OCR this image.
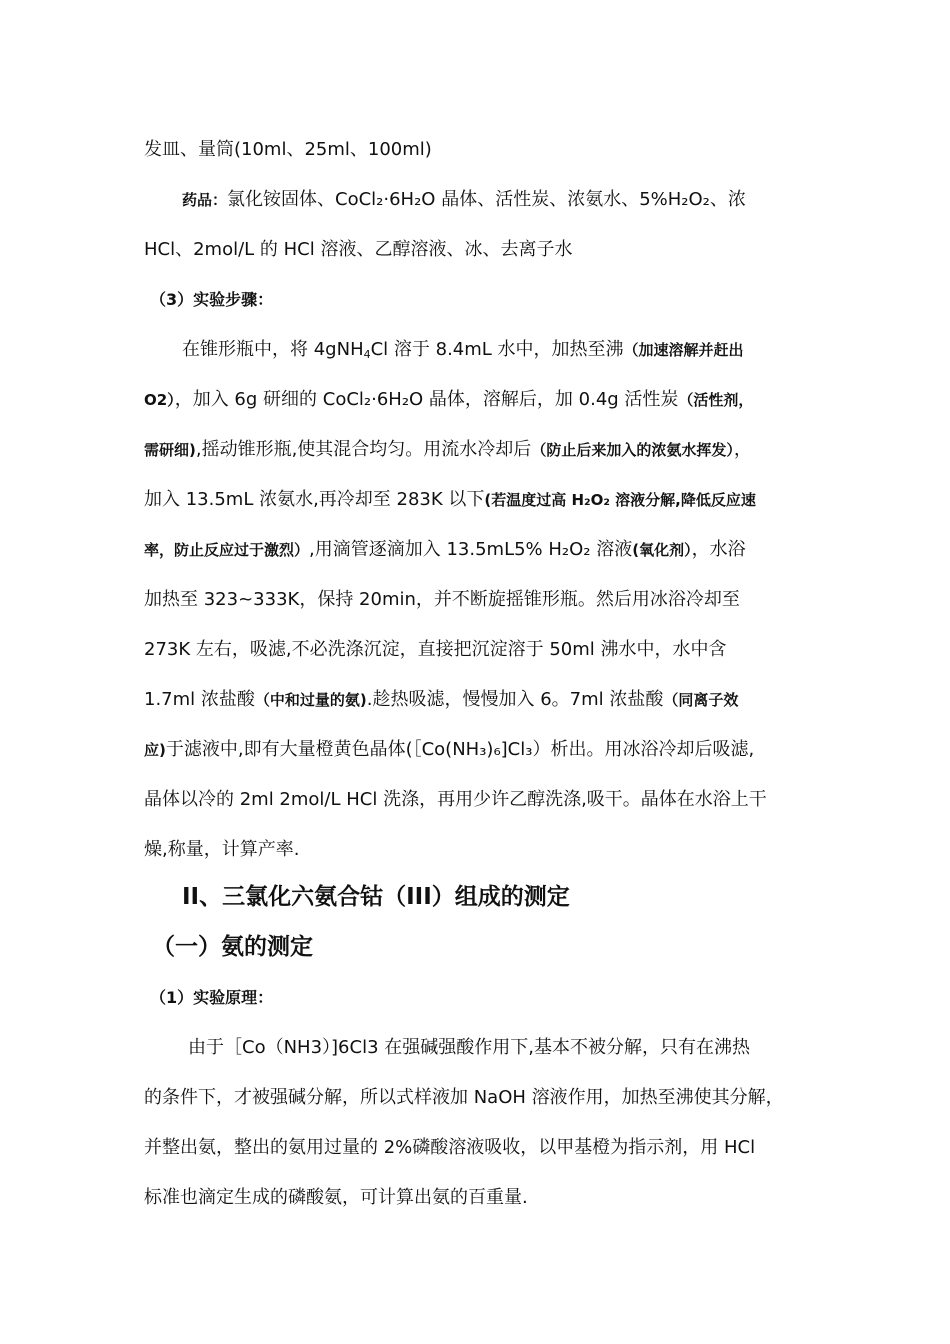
发皿、量筒(10ml、25ml、100ml)
药品：氯化铵固体、CoCl₂·6H₂O 晶体、活性炭、浓氨水、5%H₂O₂、浓
HCl、2mol/L 的 HCl 溶液、乙醇溶液、冰、去离子水
（3）实验步骤：
在锥形瓶中，将 4gNH$_4$Cl 溶于 8.4mL 水中，加热至沸（加速溶解并赶出
O2），加入 6g 研细的 CoCl₂·6H₂O 晶体，溶解后，加 0.4g 活性炭（活性剂，
需研细),摇动锥形瓶,使其混合均匀。用流水冷却后（防止后来加入的浓氨水挥发），
加入 13.5mL 浓氨水,再冷却至 283K 以下(若温度过高 H₂O₂ 溶液分解,降低反应速
率，防止反应过于激烈）,用滴管逐滴加入 13.5mL5% H₂O₂ 溶液(氧化剂），水浴
加热至 323~333K，保持 20min，并不断旋摇锥形瓶。然后用冰浴冷却至
273K 左右，吸滤,不必洗涤沉淀，直接把沉淀溶于 50ml 沸水中，水中含
1.7ml 浓盐酸（中和过量的氨).趁热吸滤，慢慢加入 6。7ml 浓盐酸（同离子效
应)于滤液中,即有大量橙黄色晶体(［Co(NH₃)₆]Cl₃）析出。用冰浴冷却后吸滤,
晶体以冷的 2ml 2mol/L HCl 洗涤，再用少许乙醇洗涤,吸干。晶体在水浴上干
燥,称量，计算产率.
II、三氯化六氨合钴（III）组成的测定
（一）氨的测定
（1）实验原理：
由于［Co（NH3）]6Cl3 在强碱强酸作用下,基本不被分解，只有在沸热
的条件下，才被强碱分解，所以式样液加 NaOH 溶液作用，加热至沸使其分解，
并整出氨，整出的氨用过量的 2%磷酸溶液吸收，以甲基橙为指示剂，用 HCl
标准也滴定生成的磷酸氨，可计算出氨的百重量.
